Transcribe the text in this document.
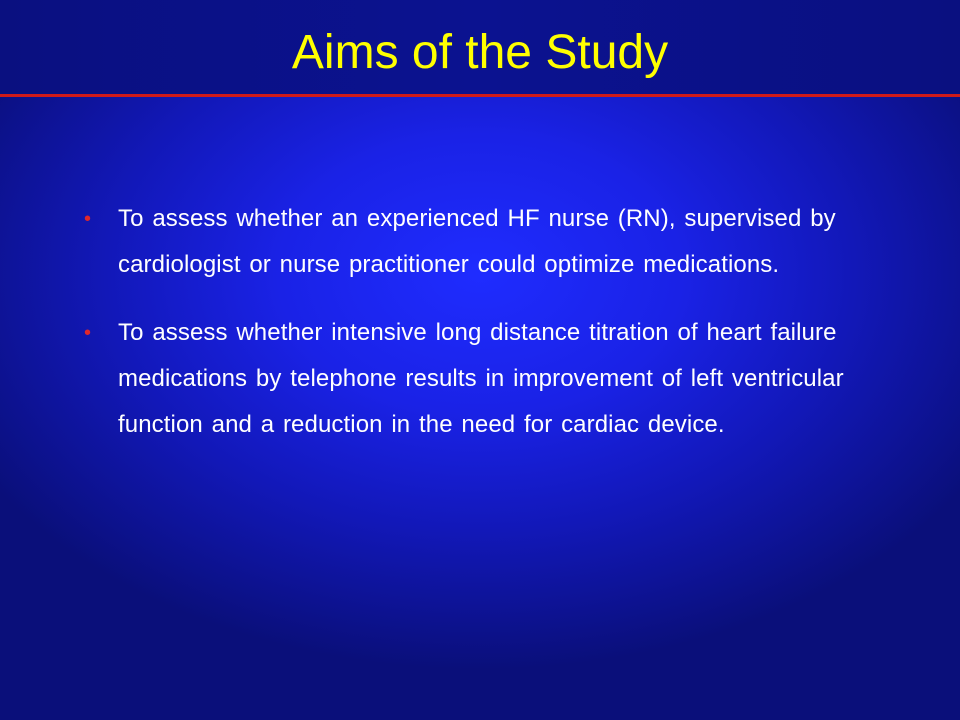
Aims of the Study
• To assess whether an experienced HF nurse (RN), supervised by cardiologist or nurse practitioner could optimize medications.
• To assess whether intensive long distance titration of heart failure medications by telephone results in improvement of left ventricular function and a reduction in the need for cardiac device.
